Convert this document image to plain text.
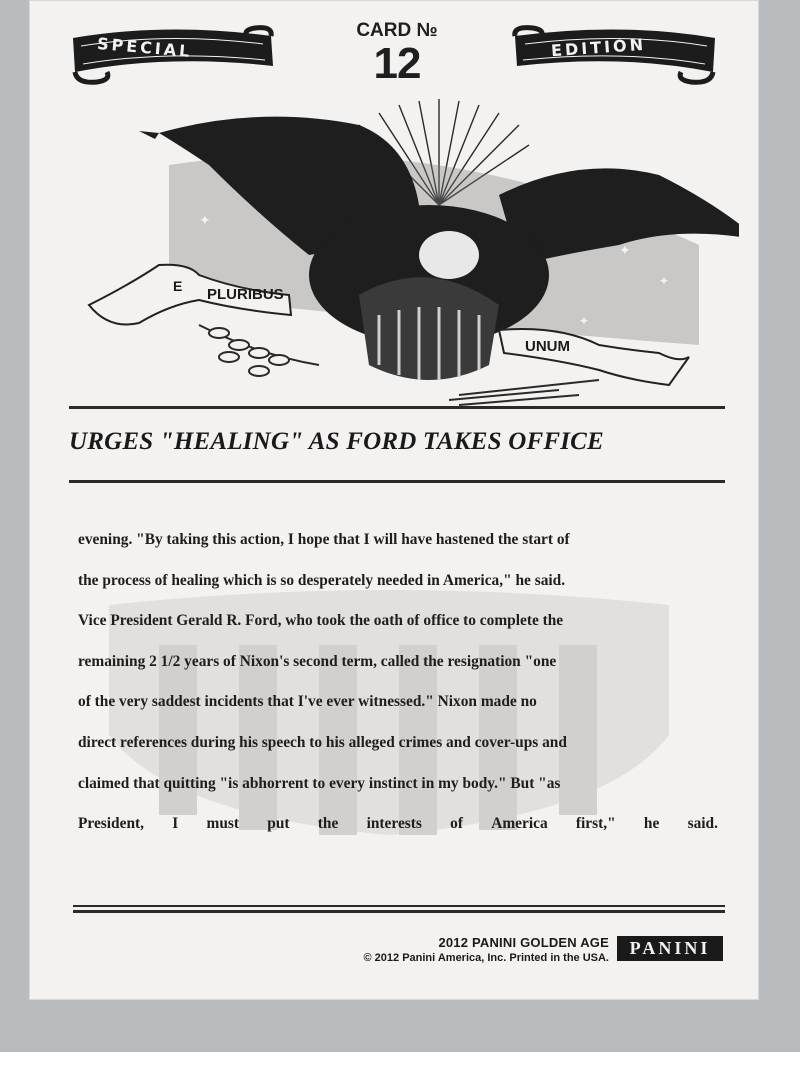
SPECIAL	EDITION
CARD №
12
✦
✦
✦
✦
PLURIBUS
E
UNUM
URGES "HEALING" AS FORD TAKES OFFICE
evening. "By taking this action, I hope that I will have hastened the start of
the process of healing which is so desperately needed in America," he said.
Vice President Gerald R. Ford, who took the oath of office to complete the
remaining 2 1/2 years of Nixon's second term, called the resignation "one
of the very saddest incidents that I've ever witnessed." Nixon made no
direct references during his speech to his alleged crimes and cover-ups and
claimed that quitting "is abhorrent to every instinct in my body." But "as
President, I must put the interests of America first," he said.
2012 PANINI GOLDEN AGE
© 2012 Panini America, Inc. Printed in the USA.	PANINI
